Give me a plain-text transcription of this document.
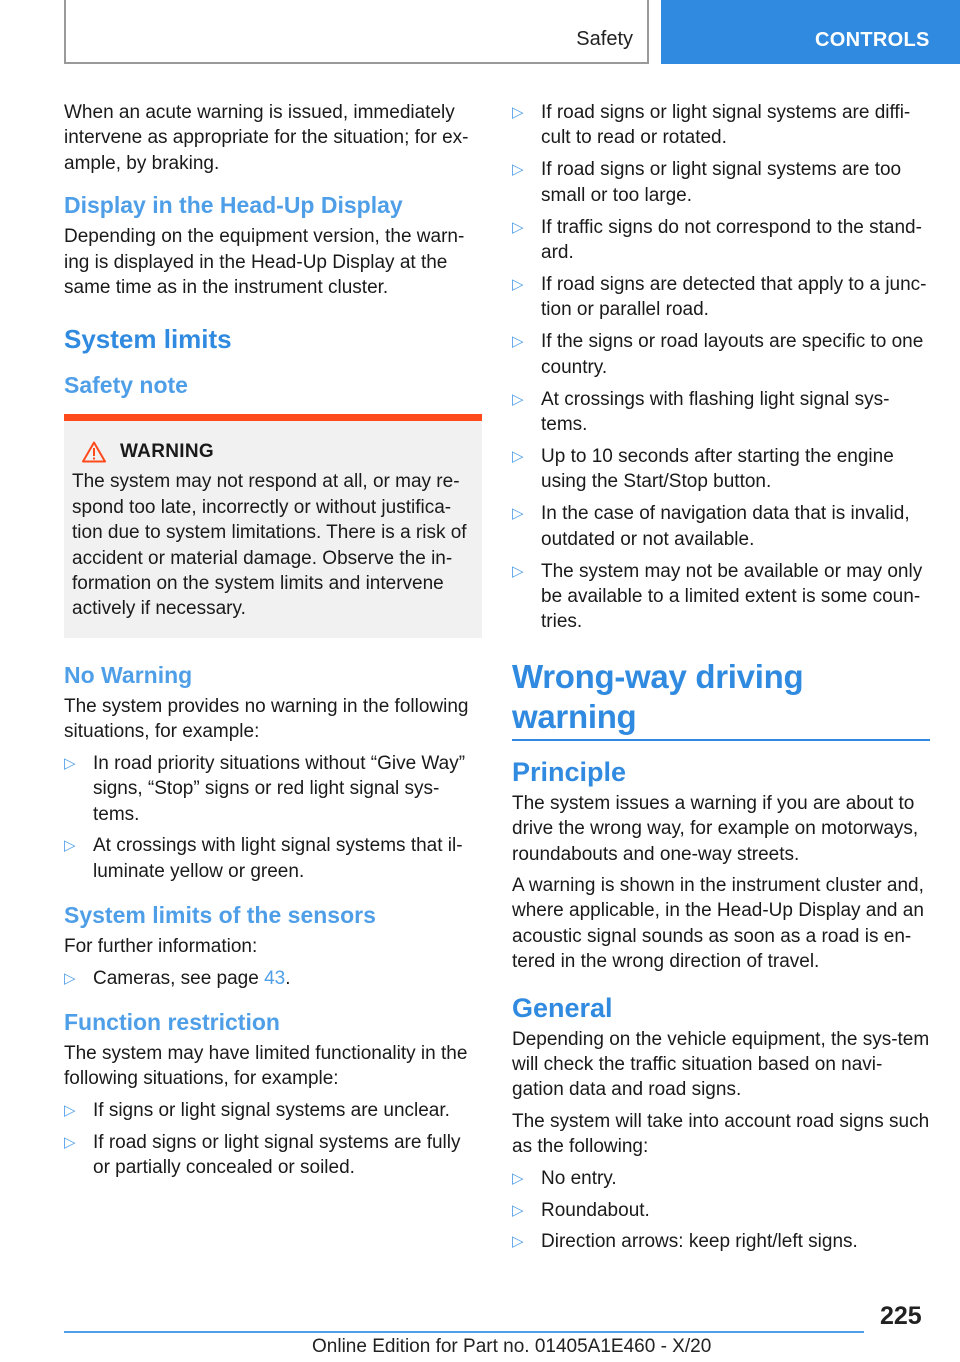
Safety	CONTROLS

When an acute warning is issued, immediately intervene as appropriate for the situation; for ex-ample, by braking.

Display in the Head-Up Display

Depending on the equipment version, the warn-ing is displayed in the Head-Up Display at the same time as in the instrument cluster.

System limits
Safety note
WARNING

The system may not respond at all, or may re-spond too late, incorrectly or without justifica-tion due to system limitations. There is a risk of accident or material damage. Observe the in-formation on the system limits and intervene actively if necessary.

No Warning

The system provides no warning in the following situations, for example:

▷ In road priority situations without “Give Way” signs, “Stop” signs or red light signal sys-tems.
▷ At crossings with light signal systems that il-luminate yellow or green.
System limits of the sensors

For further information:

▷ Cameras, see page 43.
Function restriction

The system may have limited functionality in the following situations, for example:

▷ If signs or light signal systems are unclear.
▷ If road signs or light signal systems are fully or partially concealed or soiled.
▷ If road signs or light signal systems are diffi-cult to read or rotated.
▷ If road signs or light signal systems are too small or too large.
▷ If traffic signs do not correspond to the stand-ard.
▷ If road signs are detected that apply to a junc-tion or parallel road.
▷ If the signs or road layouts are specific to one country.
▷ At crossings with flashing light signal sys-tems.
▷ Up to 10 seconds after starting the engine using the Start/Stop button.
▷ In the case of navigation data that is invalid, outdated or not available.
▷ The system may not be available or may only be available to a limited extent is some coun-tries.
Wrong-way driving warning
Principle

The system issues a warning if you are about to drive the wrong way, for example on motorways, roundabouts and one-way streets.

A warning is shown in the instrument cluster and, where applicable, in the Head-Up Display and an acoustic signal sounds as soon as a road is en-tered in the wrong direction of travel.

General

Depending on the vehicle equipment, the sys-tem will check the traffic situation based on navi-gation data and road signs.

The system will take into account road signs such as the following:

▷ No entry.
▷ Roundabout.
▷ Direction arrows: keep right/left signs.
225
Online Edition for Part no. 01405A1E460 - X/20
